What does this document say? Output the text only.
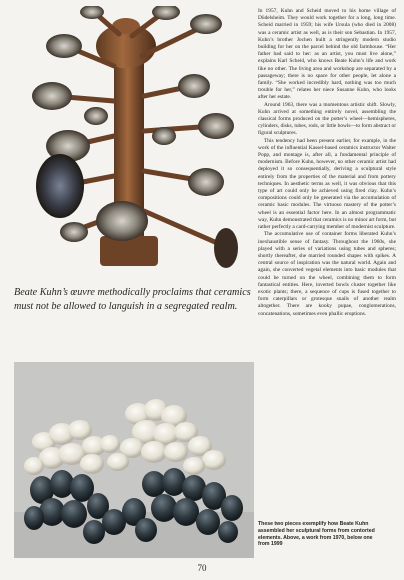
Beate Kuhn’s œuvre methodically proclaims that ceramics must not be allowed to languish in a segregated realm.

In 1957, Kuhn and Scheid moved to his home village of Düdelsheim. They would work together for a long, long time. Scheid married in 1959; his wife Ursula (who died in 2008) was a ceramic artist as well, as is their son Sebastian. In 1957, Kuhn’s brother Jochen built a stringently modern studio building for her on the parcel behind the old farmhouse. “Her father had said to her: as an artist, you must live alone,” explains Karl Scheid, who knows Beate Kuhn’s life and work like no other. The living area and workshop are separated by a passageway; there is no space for other people, let alone a family. “She worked incredibly hard, nothing was too much trouble for her,” relates her niece Susanne Kuhn, who looks after her estate.

Around 1963, there was a momentous artistic shift. Slowly, Kuhn arrived at something entirely novel, assembling the classical forms produced on the potter’s wheel—hemispheres, cylinders, disks, tubes, rods, or little bowls—to form abstract or figural sculptures.

This tendency had been present earlier, for example, in the work of the influential Kassel-based ceramics instructor Walter Popp, and montage is, after all, a fundamental principle of modernism. Before Kuhn, however, no other ceramic artist had deployed it so consequentially, deriving a sculptural style entirely from the properties of the material and from pottery techniques. In aesthetic terms as well, it was obvious that this type of art could only be achieved using fired clay. Kuhn’s compositions could only be generated via the accumulation of ceramic basic modules. The virtuoso mastery of the potter’s wheel is an essential factor here. In an almost programmatic way, Kuhn demonstrated that ceramics is no minor art form, but rather perfectly a card-carrying member of modernist sculpture.

The accumulative use of container forms liberated Kuhn’s inexhaustible sense of fantasy. Throughout the 1960s, she played with a series of variations using tubes and spheres; shortly thereafter, she married rounded shapes with spikes. A central source of inspiration was the natural world. Again and again, she converted vegetal elements into basic modules that could be turned on the wheel, combining them to form fantastical entities. Here, inverted bowls cluster together like exotic plants; there, a sequence of cups is fused together to form caterpillars or grotesque snails of another realm altogether. There are kooky pupae, conglomerations, concatenations, sometimes even phallic eruptions.

These two pieces exemplify how Beate Kuhn assembled her sculptural forms from contorted elements. Above, a work from 1970, below one from 1999
70
